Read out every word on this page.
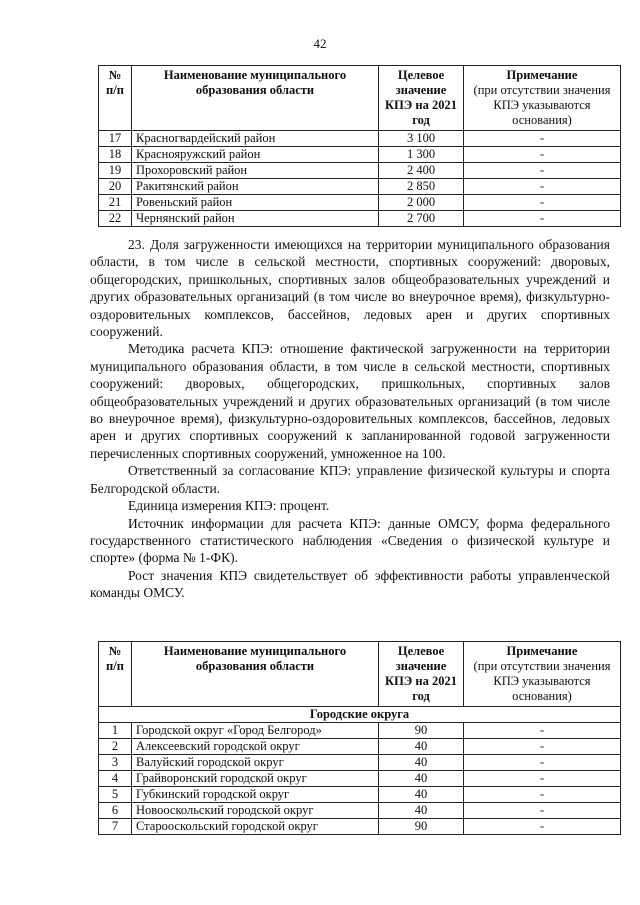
42
№ п/п	Наименование муниципального образования области	Целевое значение КПЭ на 2021 год	Примечание
(при отсутствии значения КПЭ указываются основания)
17	Красногвардейский район	3 100	-
18	Краснояружский район	1 300	-
19	Прохоровский район	2 400	-
20	Ракитянский район	2 850	-
21	Ровеньский район	2 000	-
22	Чернянский район	2 700	-

23. Доля загруженности имеющихся на территории муниципального образования области, в том числе в сельской местности, спортивных сооружений: дворовых, общегородских, пришкольных, спортивных залов общеобразовательных учреждений и других образовательных организаций (в том числе во внеурочное время), физкультурно-оздоровительных комплексов, бассейнов, ледовых арен и других спортивных сооружений.

Методика расчета КПЭ: отношение фактической загруженности на территории муниципального образования области, в том числе в сельской местности, спортивных сооружений: дворовых, общегородских, пришкольных, спортивных залов общеобразовательных учреждений и других образовательных организаций (в том числе во внеурочное время), физкультурно-оздоровительных комплексов, бассейнов, ледовых арен и других спортивных сооружений к запланированной годовой загруженности перечисленных спортивных сооружений, умноженное на 100.

Ответственный за согласование КПЭ: управление физической культуры и спорта Белгородской области.

Единица измерения КПЭ: процент.

Источник информации для расчета КПЭ: данные ОМСУ, форма федерального государственного статистического наблюдения «Сведения о физической культуре и спорте» (форма № 1-ФК).

Рост значения КПЭ свидетельствует об эффективности работы управленческой команды ОМСУ.

№ п/п	Наименование муниципального образования области	Целевое значение КПЭ на 2021 год	Примечание
(при отсутствии значения КПЭ указываются основания)
Городские округа			
1	Городской округ «Город Белгород»	90	-
2	Алексеевский городской округ	40	-
3	Валуйский городской округ	40	-
4	Грайворонский городской округ	40	-
5	Губкинский городской округ	40	-
6	Новооскольский городской округ	40	-
7	Старооскольский городской округ	90	-
